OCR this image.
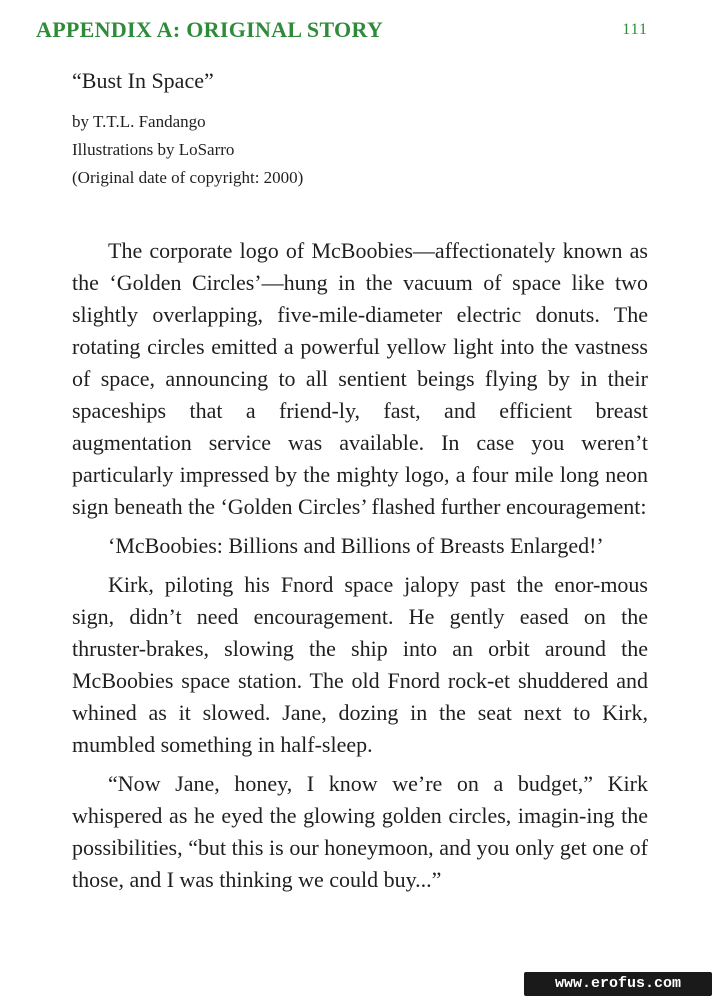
APPENDIX A: ORIGINAL STORY	111

“Bust In Space”

by T.T.L. Fandango

Illustrations by LoSarro

(Original date of copyright: 2000)

The corporate logo of McBoobies—affectionately known as the ‘Golden Circles’—hung in the vacuum of space like two slightly overlapping, five-mile-diameter electric donuts. The rotating circles emitted a powerful yellow light into the vastness of space, announcing to all sentient beings flying by in their spaceships that a friend-ly, fast, and efficient breast augmentation service was available. In case you weren’t particularly impressed by the mighty logo, a four mile long neon sign beneath the ‘Golden Circles’ flashed further encouragement:

‘McBoobies: Billions and Billions of Breasts Enlarged!’

Kirk, piloting his Fnord space jalopy past the enor-mous sign, didn’t need encouragement. He gently eased on the thruster-brakes, slowing the ship into an orbit around the McBoobies space station. The old Fnord rock-et shuddered and whined as it slowed. Jane, dozing in the seat next to Kirk, mumbled something in half-sleep.

“Now Jane, honey, I know we’re on a budget,” Kirk whispered as he eyed the glowing golden circles, imagin-ing the possibilities, “but this is our honeymoon, and you only get one of those, and I was thinking we could buy...”

www.erofus.com
